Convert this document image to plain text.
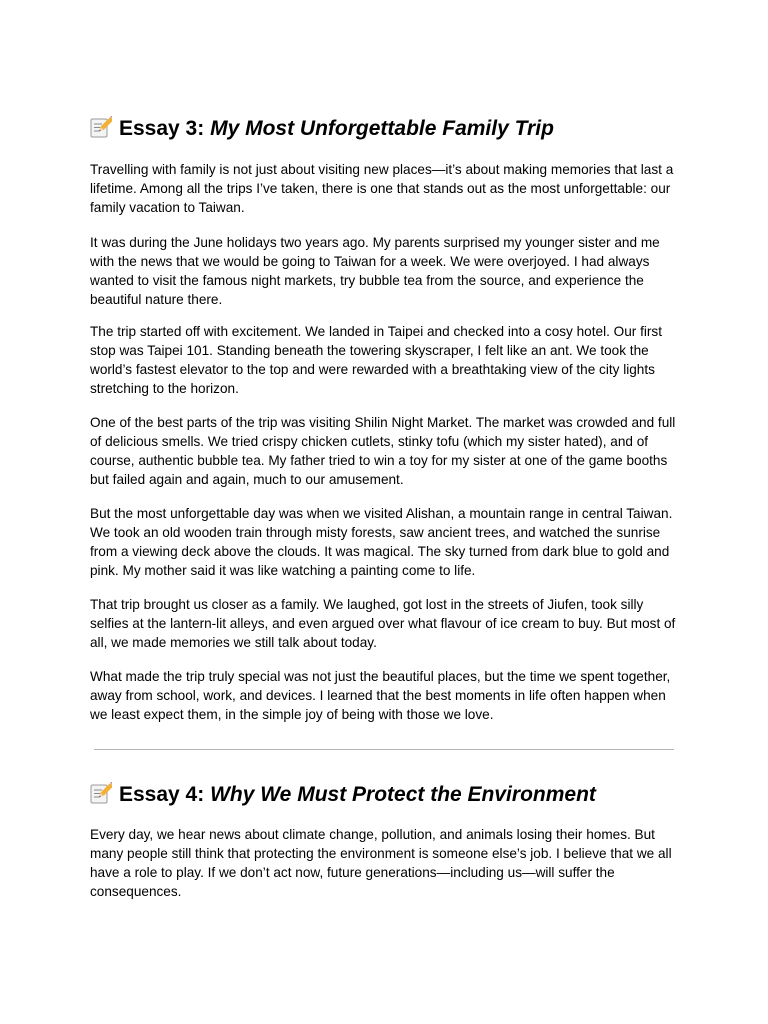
Essay 3: My Most Unforgettable Family Trip

Travelling with family is not just about visiting new places—it’s about making memories that last a lifetime. Among all the trips I’ve taken, there is one that stands out as the most unforgettable: our family vacation to Taiwan.

It was during the June holidays two years ago. My parents surprised my younger sister and me with the news that we would be going to Taiwan for a week. We were overjoyed. I had always wanted to visit the famous night markets, try bubble tea from the source, and experience the beautiful nature there.

The trip started off with excitement. We landed in Taipei and checked into a cosy hotel. Our first stop was Taipei 101. Standing beneath the towering skyscraper, I felt like an ant. We took the world’s fastest elevator to the top and were rewarded with a breathtaking view of the city lights stretching to the horizon.

One of the best parts of the trip was visiting Shilin Night Market. The market was crowded and full of delicious smells. We tried crispy chicken cutlets, stinky tofu (which my sister hated), and of course, authentic bubble tea. My father tried to win a toy for my sister at one of the game booths but failed again and again, much to our amusement.

But the most unforgettable day was when we visited Alishan, a mountain range in central Taiwan. We took an old wooden train through misty forests, saw ancient trees, and watched the sunrise from a viewing deck above the clouds. It was magical. The sky turned from dark blue to gold and pink. My mother said it was like watching a painting come to life.

That trip brought us closer as a family. We laughed, got lost in the streets of Jiufen, took silly selfies at the lantern-lit alleys, and even argued over what flavour of ice cream to buy. But most of all, we made memories we still talk about today.

What made the trip truly special was not just the beautiful places, but the time we spent together, away from school, work, and devices. I learned that the best moments in life often happen when we least expect them, in the simple joy of being with those we love.

Essay 4: Why We Must Protect the Environment

Every day, we hear news about climate change, pollution, and animals losing their homes. But many people still think that protecting the environment is someone else’s job. I believe that we all have a role to play. If we don’t act now, future generations—including us—will suffer the consequences.
